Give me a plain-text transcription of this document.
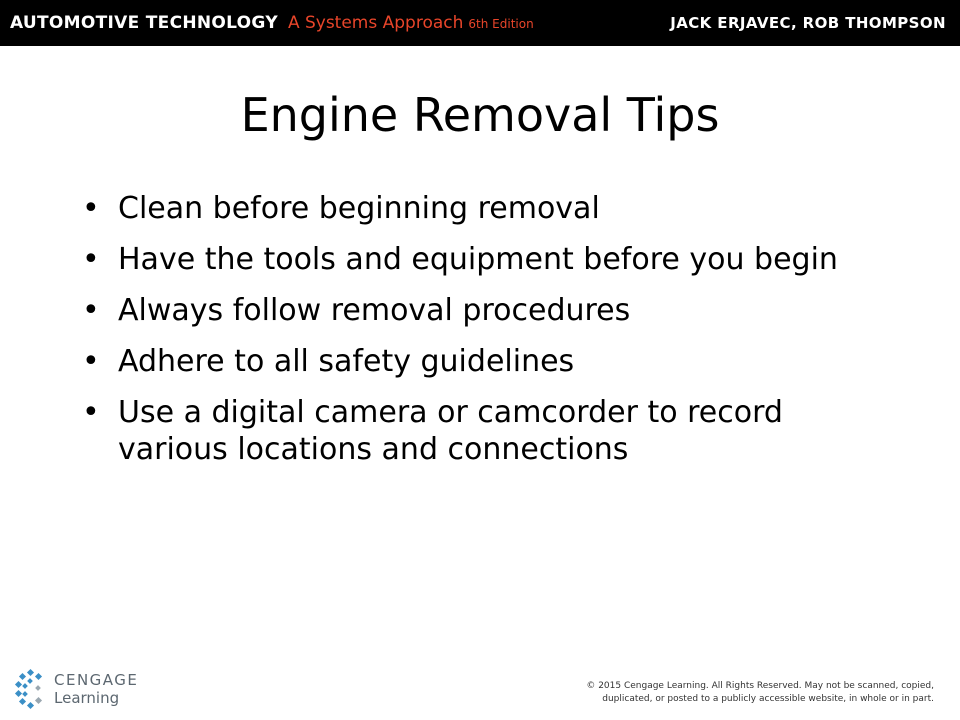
AUTOMOTIVE TECHNOLOGY A Systems Approach 6th Edition	JACK ERJAVEC, ROB THOMPSON
Engine Removal Tips
• Clean before beginning removal
• Have the tools and equipment before you begin
• Always follow removal procedures
• Adhere to all safety guidelines
• Use a digital camera or camcorder to record various locations and connections
CENGAGE
Learning
© 2015 Cengage Learning. All Rights Reserved. May not be scanned, copied,
duplicated, or posted to a publicly accessible website, in whole or in part.
